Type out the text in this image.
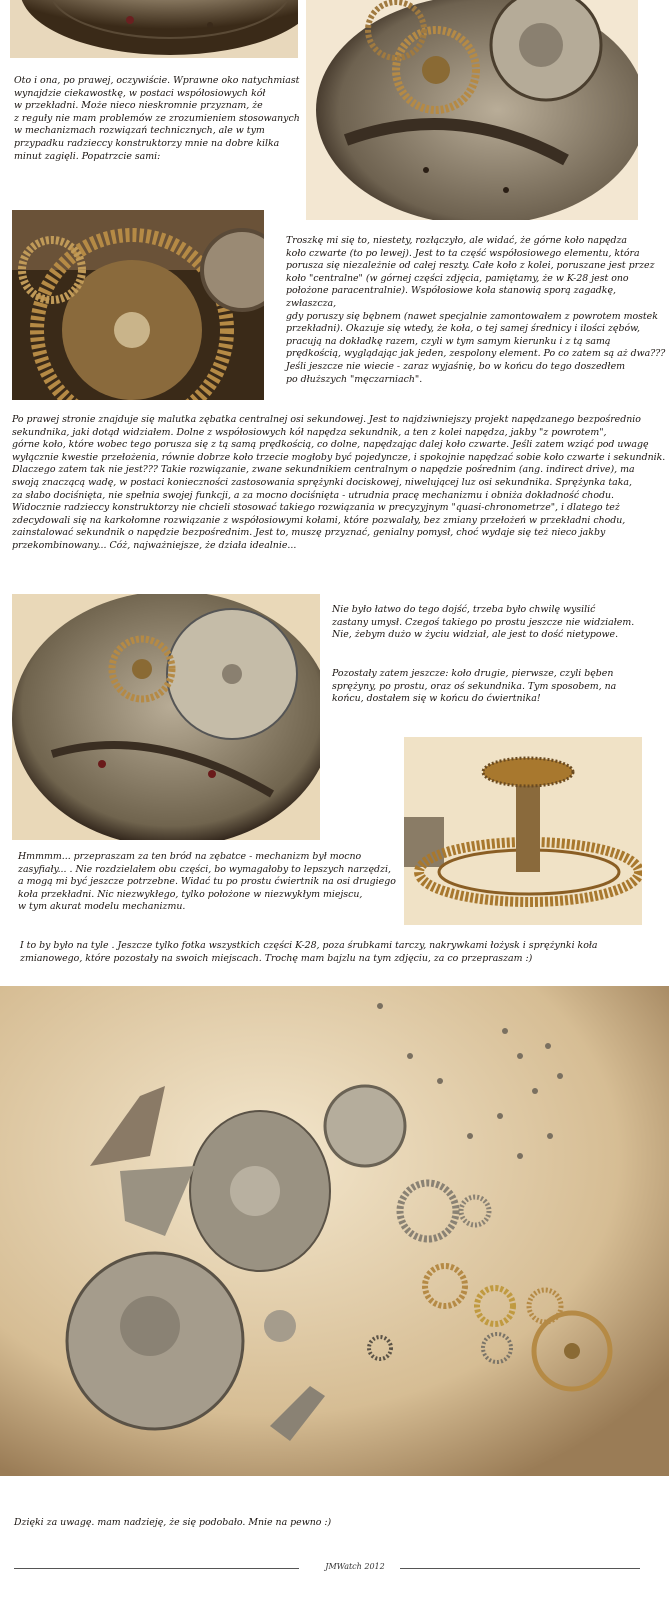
Oto i ona, po prawej, oczywiście. Wprawne oko natychmiast
wynajdzie ciekawostkę, w postaci współosiowych kół
w przekładni. Może nieco nieskromnie przyznam, że
z reguły nie mam problemów ze zrozumieniem stosowanych
w mechanizmach rozwiązań technicznych, ale w tym
przypadku radzieccy konstruktorzy mnie na dobre kilka
minut zagięli. Popatrzcie sami:
Troszkę mi się to, niestety, rozłączyło, ale widać, że górne koło napędza
koło czwarte (to po lewej). Jest to ta część współosiowego elementu, która
porusza się niezależnie od całej reszty. Całe koło z kolei, poruszane jest przez
koło "centralne" (w górnej części zdjęcia, pamiętamy, że w K-28 jest ono
położone paracentralnie). Współosiowe koła stanowią sporą zagadkę, zwłaszcza,
gdy poruszy się bębnem (nawet specjalnie zamontowałem z powrotem mostek
przekładni). Okazuje się wtedy, że koła, o tej samej średnicy i ilości zębów,
pracują na dokładkę razem, czyli w tym samym kierunku i z tą samą
prędkością, wyglądając jak jeden, zespolony element. Po co zatem są aż dwa???
Jeśli jeszcze nie wiecie - zaraz wyjaśnię, bo w końcu do tego doszedłem
po dłuższych "męczarniach".
Po prawej stronie znajduje się malutka zębatka centralnej osi sekundowej. Jest to najdziwniejszy projekt napędzanego bezpośrednio
sekundnika, jaki dotąd widziałem. Dolne z współosiowych kół napędza sekundnik, a ten z kolei napędza, jakby "z powrotem",
górne koło, które wobec tego porusza się z tą samą prędkością, co dolne, napędzając dalej koło czwarte. Jeśli zatem wziąć pod uwagę
wyłącznie kwestie przełożenia, równie dobrze koło trzecie mogłoby być pojedyncze, i spokojnie napędzać sobie koło czwarte i sekundnik.
Dlaczego zatem tak nie jest??? Takie rozwiązanie, zwane sekundnikiem centralnym o napędzie pośrednim (ang. indirect drive), ma
swoją znaczącą wadę, w postaci konieczności zastosowania sprężynki dociskowej, niwelującej luz osi sekundnika. Sprężynka taka,
za słabo dociśnięta, nie spełnia swojej funkcji, a za mocno dociśnięta - utrudnia pracę mechanizmu i obniża dokładność chodu.
Widocznie radzieccy konstruktorzy nie chcieli stosować takiego rozwiązania w precyzyjnym "quasi-chronometrze", i dlatego też
zdecydowali się na karkołomne rozwiązanie z współosiowymi kołami, które pozwalały, bez zmiany przełożeń w przekładni chodu,
zainstalować sekundnik o napędzie bezpośrednim. Jest to, muszę przyznać, genialny pomysł, choć wydaje się też nieco jakby
przekombinowany... Cóż, najważniejsze, że działa idealnie...
Nie było łatwo do tego dojść, trzeba było chwilę wysilić
zastany umysł. Czegoś takiego po prostu jeszcze nie widziałem.
Nie, żebym dużo w życiu widział, ale jest to dość nietypowe.
Pozostały zatem jeszcze: koło drugie, pierwsze, czyli bęben
sprężyny, po prostu, oraz oś sekundnika. Tym sposobem, na
końcu, dostałem się w końcu do ćwiertnika!
Hmmmm... przepraszam za ten bród na zębatce - mechanizm był mocno
zasyfiały... . Nie rozdzielałem obu części, bo wymagałoby to lepszych narzędzi,
a mogą mi być jeszcze potrzebne. Widać tu po prostu ćwiertnik na osi drugiego
koła przekładni. Nic niezwykłego, tylko położone w niezwykłym miejscu,
w tym akurat modelu mechanizmu.
I to by było na tyle . Jeszcze tylko fotka wszystkich części K-28, poza śrubkami tarczy, nakrywkami łożysk i sprężynki koła
zmianowego, które pozostały na swoich miejscach. Trochę mam bajzlu na tym zdjęciu, za co przepraszam :)
Dzięki za uwagę. mam nadzieję, że się podobało. Mnie na pewno :)
JMWatch 2012
